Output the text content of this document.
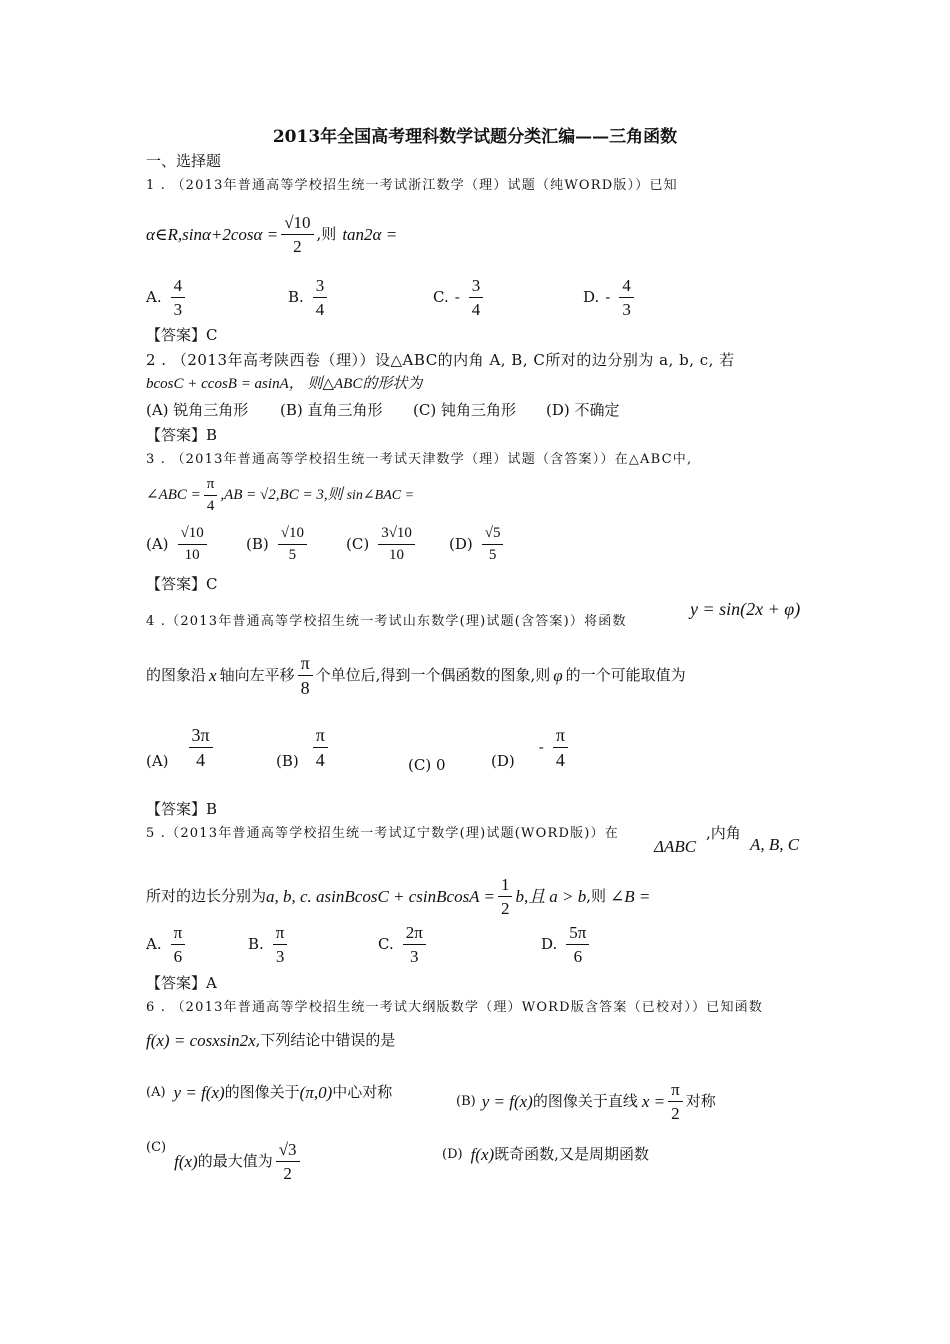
2013年全国高考理科数学试题分类汇编——三角函数
一、选择题
1 . （2013年普通高等学校招生统一考试浙江数学（理）试题（纯WORD版））已知
α∈R,sinα+2cosα = $\frac{√10}{2}$ ,则 tan2α =
A. $\frac{4}{3}$	B. $\frac{3}{4}$	C. - $\frac{3}{4}$	D. - $\frac{4}{3}$
【答案】C
2 . （2013年高考陕西卷（理））设△ABC的内角 A, B, C所对的边分别为 a, b, c, 若
bcosC + ccosB = asinA， 则△ABC的形状为
(A) 锐角三角形 (B) 直角三角形 (C) 钝角三角形 (D) 不确定
【答案】B
3 . （2013年普通高等学校招生统一考试天津数学（理）试题（含答案））在△ABC中,
∠ABC = $\frac{\pi}{4} ,AB = √2,BC = 3$,则 sin∠BAC =
$(A) \frac{√10}{10}$	$(B) \frac{√10}{5}$	$(C) \frac{3√10}{10} (D) \frac{√5}{5}$
【答案】C
4 .（2013年普通高等学校招生统一考试山东数学(理)试题(含答案)）将函数
y = sin(2x + φ)
的图象沿 x 轴向左平移 $\frac{\pi}{8}$ 个单位后,得到一个偶函数的图象,则 φ 的一个可能取值为
$(A) \frac{3\pi}{4}$	$(B) \frac{\pi}{4}$	(C) 0	(D)
- $\frac{\pi}{4}$
【答案】B
5 .（2013年普通高等学校招生统一考试辽宁数学(理)试题(WORD版)）在
ΔABC
,内角
A, B, C
所对的边长分别为 a, b, c. asinBcosC + csinBcosA = $\frac{1}{2} b$,且 a > b ,则 ∠B =
A. $\frac{\pi}{6}$	B. $\frac{\pi}{3}$	C. $\frac{2\pi}{3}$	D. $\frac{5\pi}{6}$
【答案】A
6 . （2013年普通高等学校招生统一考试大纲版数学（理）WORD版含答案（已校对））已知函数
f(x) = cosxsin2x ,下列结论中错误的是
(A) y = f(x) 的图像关于 (π,0) 中心对称
(B) y = f(x) 的图像关于直线 $x = \frac{\pi}{2}$ 对称
(C)
f(x) 的最大值为 $\frac{√3}{2}$	(D) f(x) 既奇函数,又是周期函数
